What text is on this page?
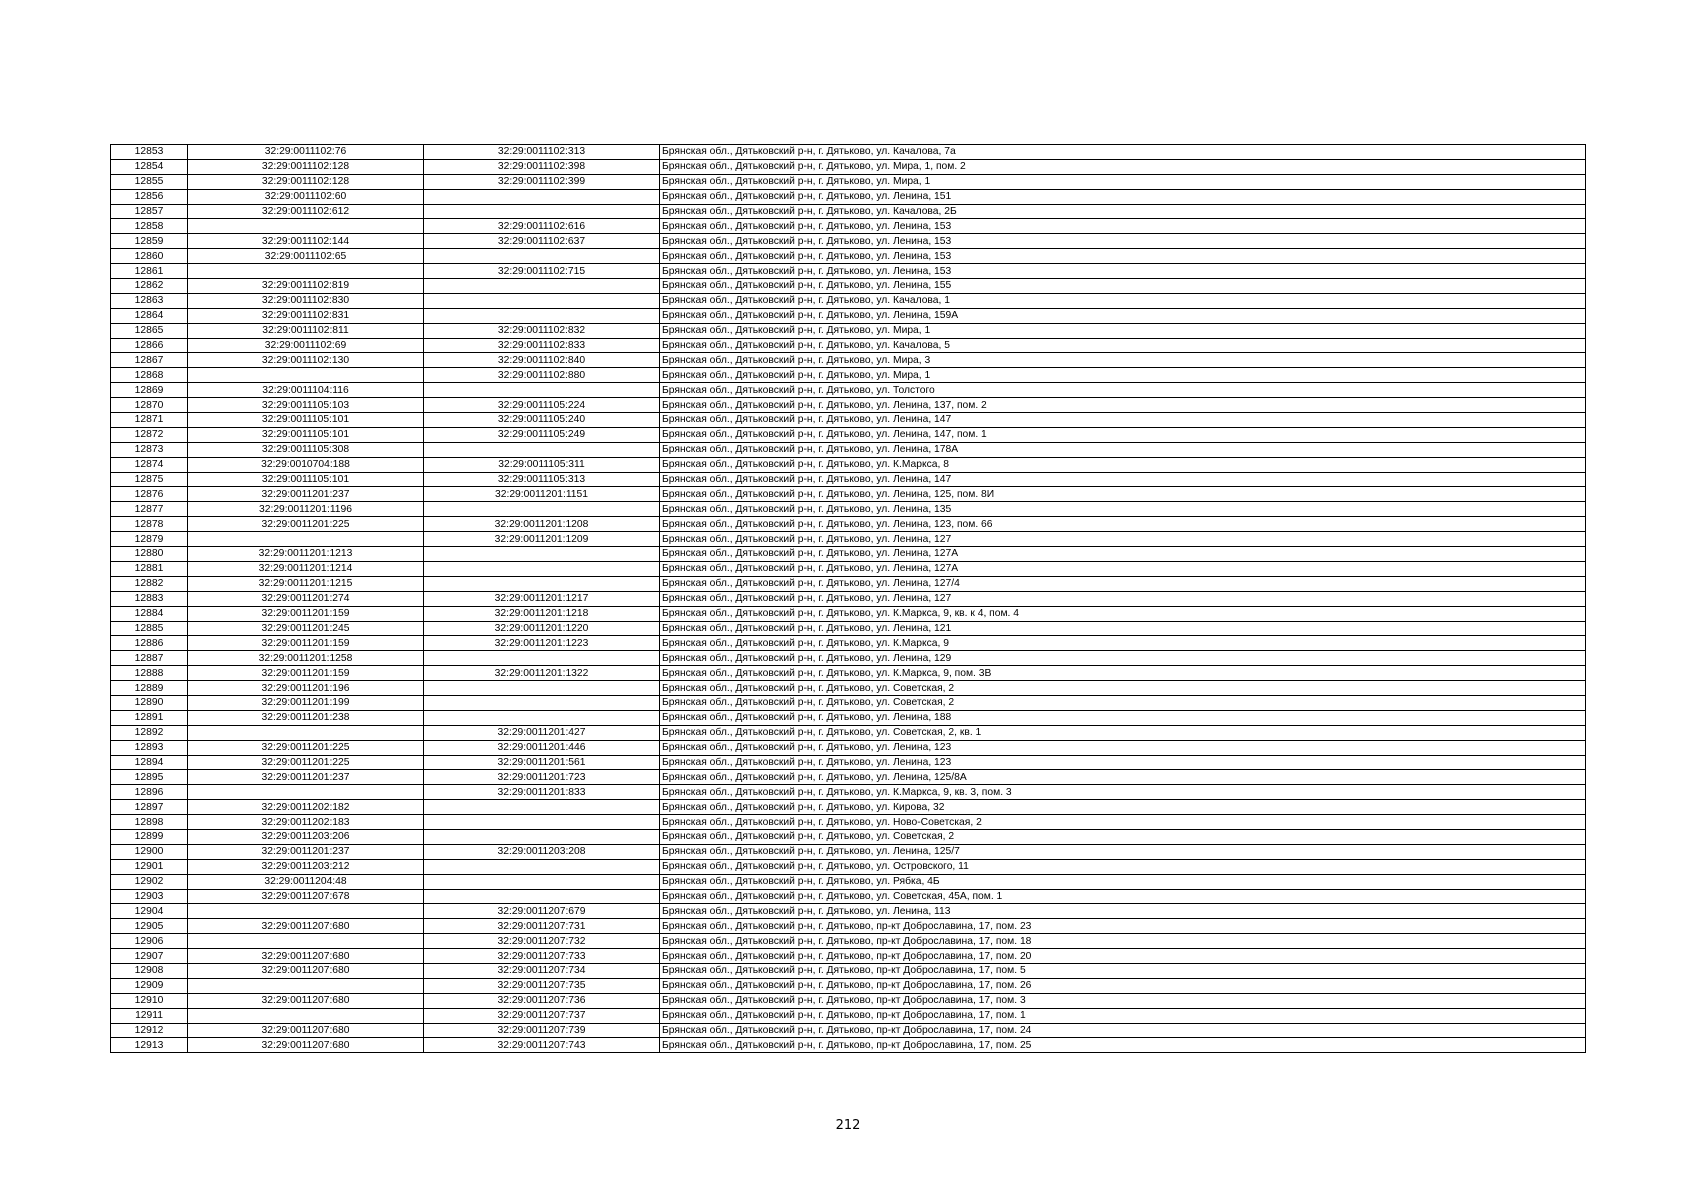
12853	32:29:0011102:76	32:29:0011102:313	Брянская обл., Дятьковский р-н, г. Дятьково, ул. Качалова, 7а
12854	32:29:0011102:128	32:29:0011102:398	Брянская обл., Дятьковский р-н, г. Дятьково, ул. Мира, 1, пом. 2
12855	32:29:0011102:128	32:29:0011102:399	Брянская обл., Дятьковский р-н, г. Дятьково, ул. Мира, 1
12856	32:29:0011102:60		Брянская обл., Дятьковский р-н, г. Дятьково, ул. Ленина, 151
12857	32:29:0011102:612		Брянская обл., Дятьковский р-н, г. Дятьково, ул. Качалова, 2Б
12858		32:29:0011102:616	Брянская обл., Дятьковский р-н, г. Дятьково, ул. Ленина, 153
12859	32:29:0011102:144	32:29:0011102:637	Брянская обл., Дятьковский р-н, г. Дятьково, ул. Ленина, 153
12860	32:29:0011102:65		Брянская обл., Дятьковский р-н, г. Дятьково, ул. Ленина, 153
12861		32:29:0011102:715	Брянская обл., Дятьковский р-н, г. Дятьково, ул. Ленина, 153
12862	32:29:0011102:819		Брянская обл., Дятьковский р-н, г. Дятьково, ул. Ленина, 155
12863	32:29:0011102:830		Брянская обл., Дятьковский р-н, г. Дятьково, ул. Качалова, 1
12864	32:29:0011102:831		Брянская обл., Дятьковский р-н, г. Дятьково, ул. Ленина, 159А
12865	32:29:0011102:811	32:29:0011102:832	Брянская обл., Дятьковский р-н, г. Дятьково, ул. Мира, 1
12866	32:29:0011102:69	32:29:0011102:833	Брянская обл., Дятьковский р-н, г. Дятьково, ул. Качалова, 5
12867	32:29:0011102:130	32:29:0011102:840	Брянская обл., Дятьковский р-н, г. Дятьково, ул. Мира, 3
12868		32:29:0011102:880	Брянская обл., Дятьковский р-н, г. Дятьково, ул. Мира, 1
12869	32:29:0011104:116		Брянская обл., Дятьковский р-н, г. Дятьково, ул. Толстого
12870	32:29:0011105:103	32:29:0011105:224	Брянская обл., Дятьковский р-н, г. Дятьково, ул. Ленина, 137, пом. 2
12871	32:29:0011105:101	32:29:0011105:240	Брянская обл., Дятьковский р-н, г. Дятьково, ул. Ленина, 147
12872	32:29:0011105:101	32:29:0011105:249	Брянская обл., Дятьковский р-н, г. Дятьково, ул. Ленина, 147, пом. 1
12873	32:29:0011105:308		Брянская обл., Дятьковский р-н, г. Дятьково, ул. Ленина, 178А
12874	32:29:0010704:188	32:29:0011105:311	Брянская обл., Дятьковский р-н, г. Дятьково, ул. К.Маркса, 8
12875	32:29:0011105:101	32:29:0011105:313	Брянская обл., Дятьковский р-н, г. Дятьково, ул. Ленина, 147
12876	32:29:0011201:237	32:29:0011201:1151	Брянская обл., Дятьковский р-н, г. Дятьково, ул. Ленина, 125, пом. 8И
12877	32:29:0011201:1196		Брянская обл., Дятьковский р-н, г. Дятьково, ул. Ленина, 135
12878	32:29:0011201:225	32:29:0011201:1208	Брянская обл., Дятьковский р-н, г. Дятьково, ул. Ленина, 123, пом. 66
12879		32:29:0011201:1209	Брянская обл., Дятьковский р-н, г. Дятьково, ул. Ленина, 127
12880	32:29:0011201:1213		Брянская обл., Дятьковский р-н, г. Дятьково, ул. Ленина, 127А
12881	32:29:0011201:1214		Брянская обл., Дятьковский р-н, г. Дятьково, ул. Ленина, 127А
12882	32:29:0011201:1215		Брянская обл., Дятьковский р-н, г. Дятьково, ул. Ленина, 127/4
12883	32:29:0011201:274	32:29:0011201:1217	Брянская обл., Дятьковский р-н, г. Дятьково, ул. Ленина, 127
12884	32:29:0011201:159	32:29:0011201:1218	Брянская обл., Дятьковский р-н, г. Дятьково, ул. К.Маркса, 9, кв. к 4, пом. 4
12885	32:29:0011201:245	32:29:0011201:1220	Брянская обл., Дятьковский р-н, г. Дятьково, ул. Ленина, 121
12886	32:29:0011201:159	32:29:0011201:1223	Брянская обл., Дятьковский р-н, г. Дятьково, ул. К.Маркса, 9
12887	32:29:0011201:1258		Брянская обл., Дятьковский р-н, г. Дятьково, ул. Ленина, 129
12888	32:29:0011201:159	32:29:0011201:1322	Брянская обл., Дятьковский р-н, г. Дятьково, ул. К.Маркса, 9, пом. 3В
12889	32:29:0011201:196		Брянская обл., Дятьковский р-н, г. Дятьково, ул. Советская, 2
12890	32:29:0011201:199		Брянская обл., Дятьковский р-н, г. Дятьково, ул. Советская, 2
12891	32:29:0011201:238		Брянская обл., Дятьковский р-н, г. Дятьково, ул. Ленина, 188
12892		32:29:0011201:427	Брянская обл., Дятьковский р-н, г. Дятьково, ул. Советская, 2, кв. 1
12893	32:29:0011201:225	32:29:0011201:446	Брянская обл., Дятьковский р-н, г. Дятьково, ул. Ленина, 123
12894	32:29:0011201:225	32:29:0011201:561	Брянская обл., Дятьковский р-н, г. Дятьково, ул. Ленина, 123
12895	32:29:0011201:237	32:29:0011201:723	Брянская обл., Дятьковский р-н, г. Дятьково, ул. Ленина, 125/8А
12896		32:29:0011201:833	Брянская обл., Дятьковский р-н, г. Дятьково, ул. К.Маркса, 9, кв. 3, пом. 3
12897	32:29:0011202:182		Брянская обл., Дятьковский р-н, г. Дятьково, ул. Кирова, 32
12898	32:29:0011202:183		Брянская обл., Дятьковский р-н, г. Дятьково, ул. Ново-Советская, 2
12899	32:29:0011203:206		Брянская обл., Дятьковский р-н, г. Дятьково, ул. Советская, 2
12900	32:29:0011201:237	32:29:0011203:208	Брянская обл., Дятьковский р-н, г. Дятьково, ул. Ленина, 125/7
12901	32:29:0011203:212		Брянская обл., Дятьковский р-н, г. Дятьково, ул. Островского, 11
12902	32:29:0011204:48		Брянская обл., Дятьковский р-н, г. Дятьково, ул. Рябка, 4Б
12903	32:29:0011207:678		Брянская обл., Дятьковский р-н, г. Дятьково, ул. Советская, 45А, пом. 1
12904		32:29:0011207:679	Брянская обл., Дятьковский р-н, г. Дятьково, ул. Ленина, 113
12905	32:29:0011207:680	32:29:0011207:731	Брянская обл., Дятьковский р-н, г. Дятьково, пр-кт Доброславина, 17, пом. 23
12906		32:29:0011207:732	Брянская обл., Дятьковский р-н, г. Дятьково, пр-кт Доброславина, 17, пом. 18
12907	32:29:0011207:680	32:29:0011207:733	Брянская обл., Дятьковский р-н, г. Дятьково, пр-кт Доброславина, 17, пом. 20
12908	32:29:0011207:680	32:29:0011207:734	Брянская обл., Дятьковский р-н, г. Дятьково, пр-кт Доброславина, 17, пом. 5
12909		32:29:0011207:735	Брянская обл., Дятьковский р-н, г. Дятьково, пр-кт Доброславина, 17, пом. 26
12910	32:29:0011207:680	32:29:0011207:736	Брянская обл., Дятьковский р-н, г. Дятьково, пр-кт Доброславина, 17, пом. 3
12911		32:29:0011207:737	Брянская обл., Дятьковский р-н, г. Дятьково, пр-кт Доброславина, 17, пом. 1
12912	32:29:0011207:680	32:29:0011207:739	Брянская обл., Дятьковский р-н, г. Дятьково, пр-кт Доброславина, 17, пом. 24
12913	32:29:0011207:680	32:29:0011207:743	Брянская обл., Дятьковский р-н, г. Дятьково, пр-кт Доброславина, 17, пом. 25
212
